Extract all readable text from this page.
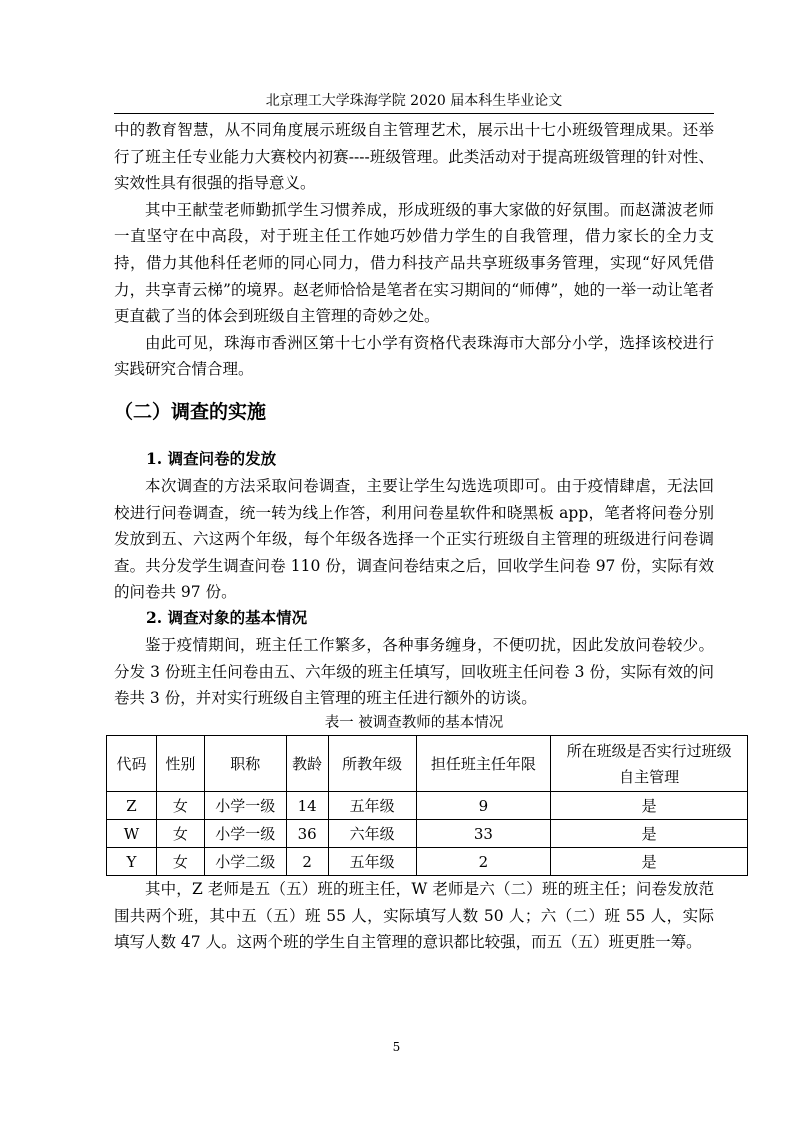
北京理工大学珠海学院 2020 届本科生毕业论文

中的教育智慧，从不同角度展示班级自主管理艺术，展示出十七小班级管理成果。还举行了班主任专业能力大赛校内初赛----班级管理。此类活动对于提高班级管理的针对性、实效性具有很强的指导意义。

其中王献莹老师勤抓学生习惯养成，形成班级的事大家做的好氛围。而赵潇波老师一直坚守在中高段，对于班主任工作她巧妙借力学生的自我管理，借力家长的全力支持，借力其他科任老师的同心同力，借力科技产品共享班级事务管理，实现“好风凭借力，共享青云梯”的境界。赵老师恰恰是笔者在实习期间的“师傅”，她的一举一动让笔者更直截了当的体会到班级自主管理的奇妙之处。

由此可见，珠海市香洲区第十七小学有资格代表珠海市大部分小学，选择该校进行实践研究合情合理。

（二）调查的实施
1. 调查问卷的发放

本次调查的方法采取问卷调查，主要让学生勾选选项即可。由于疫情肆虐，无法回校进行问卷调查，统一转为线上作答，利用问卷星软件和晓黑板 app，笔者将问卷分别发放到五、六这两个年级，每个年级各选择一个正实行班级自主管理的班级进行问卷调查。共分发学生调查问卷 110 份，调查问卷结束之后，回收学生问卷 97 份，实际有效的问卷共 97 份。

2. 调查对象的基本情况

鉴于疫情期间，班主任工作繁多，各种事务缠身，不便叨扰，因此发放问卷较少。分发 3 份班主任问卷由五、六年级的班主任填写，回收班主任问卷 3 份，实际有效的问卷共 3 份，并对实行班级自主管理的班主任进行额外的访谈。

表一 被调查教师的基本情况
代码	性别	职称	教龄	所教年级	担任班主任年限	所在班级是否实行过班级自主管理
Z	女	小学一级	14	五年级	9	是
W	女	小学一级	36	六年级	33	是
Y	女	小学二级	2	五年级	2	是

其中，Z 老师是五（五）班的班主任，W 老师是六（二）班的班主任；问卷发放范围共两个班，其中五（五）班 55 人，实际填写人数 50 人；六（二）班 55 人，实际填写人数 47 人。这两个班的学生自主管理的意识都比较强，而五（五）班更胜一筹。

5
